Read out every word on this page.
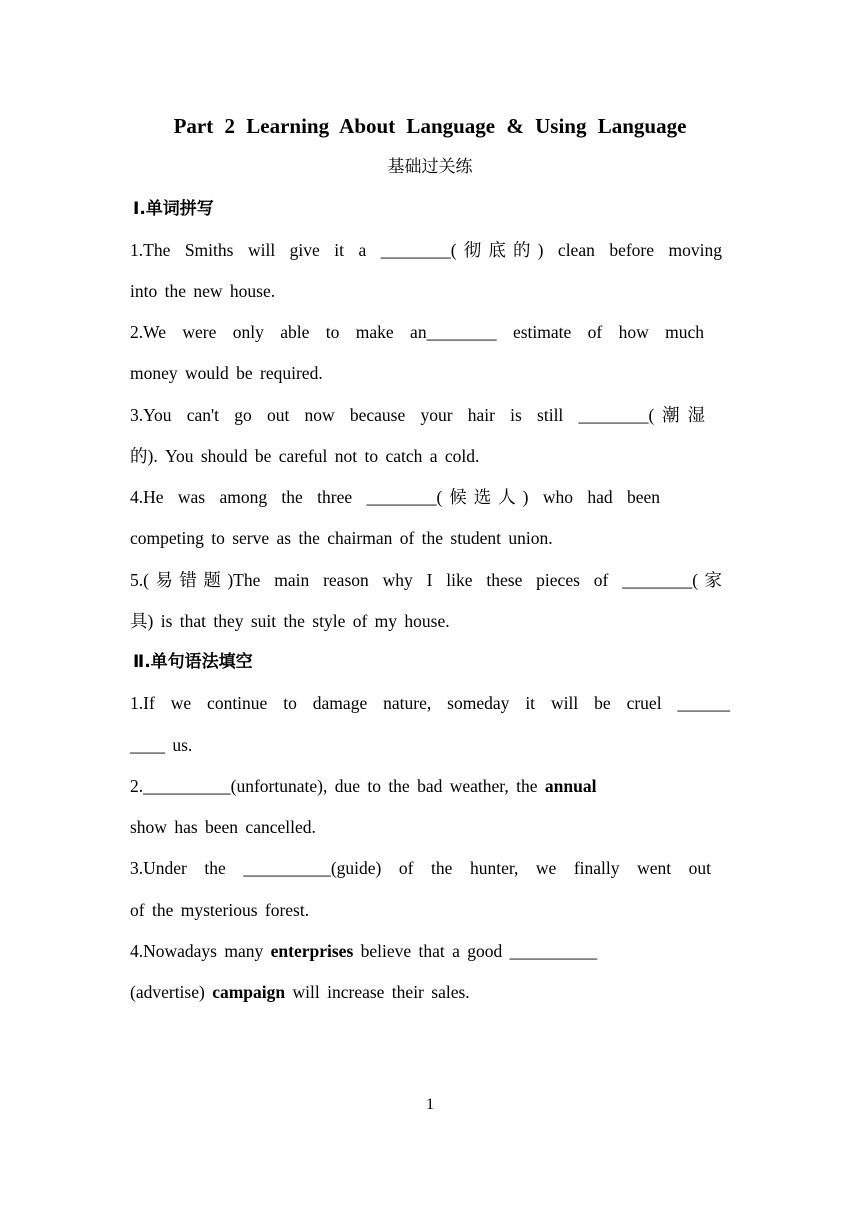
Part 2 Learning About Language & Using Language
基础过关练
Ⅰ.单词拼写
1.The Smiths will give it a ________(彻底的) clean before moving
into the new house.
2.We were only able to make an________ estimate of how much
money would be required.
3.You can't go out now because your hair is still ________(潮湿
的). You should be careful not to catch a cold.
4.He was among the three ________(候选人) who had been
competing to serve as the chairman of the student union.
5.(易错题)The main reason why I like these pieces of ________(家
具) is that they suit the style of my house.
Ⅱ.单句语法填空
1.If we continue to damage nature, someday it will be cruel ______
____ us.
2.__________(unfortunate), due to the bad weather, the annual
show has been cancelled.
3.Under the __________(guide) of the hunter, we finally went out
of the mysterious forest.
4.Nowadays many enterprises believe that a good __________
(advertise) campaign will increase their sales.
1
